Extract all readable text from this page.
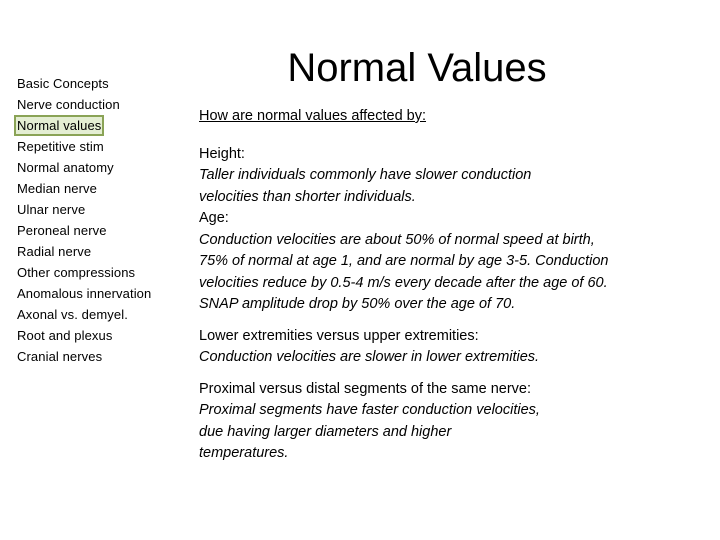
Basic Concepts
Nerve conduction
Normal values
Repetitive stim
Normal anatomy
Median nerve
Ulnar nerve
Peroneal nerve
Radial nerve
Other compressions
Anomalous innervation
Axonal vs. demyel.
Root and plexus
Cranial nerves
Normal Values

How are normal values affected by:

Height:

Taller individuals commonly have slower conduction

velocities than shorter individuals.

Age:

Conduction velocities are about 50% of normal speed at birth,

75% of normal at age 1, and are normal by age 3-5. Conduction

velocities reduce by 0.5-4 m/s every decade after the age of 60.

SNAP amplitude drop by 50% over the age of 70.

Lower extremities versus upper extremities:

Conduction velocities are slower in lower extremities.

Proximal versus distal segments of the same nerve:

Proximal segments have faster conduction velocities,

due having larger diameters and higher

temperatures.
